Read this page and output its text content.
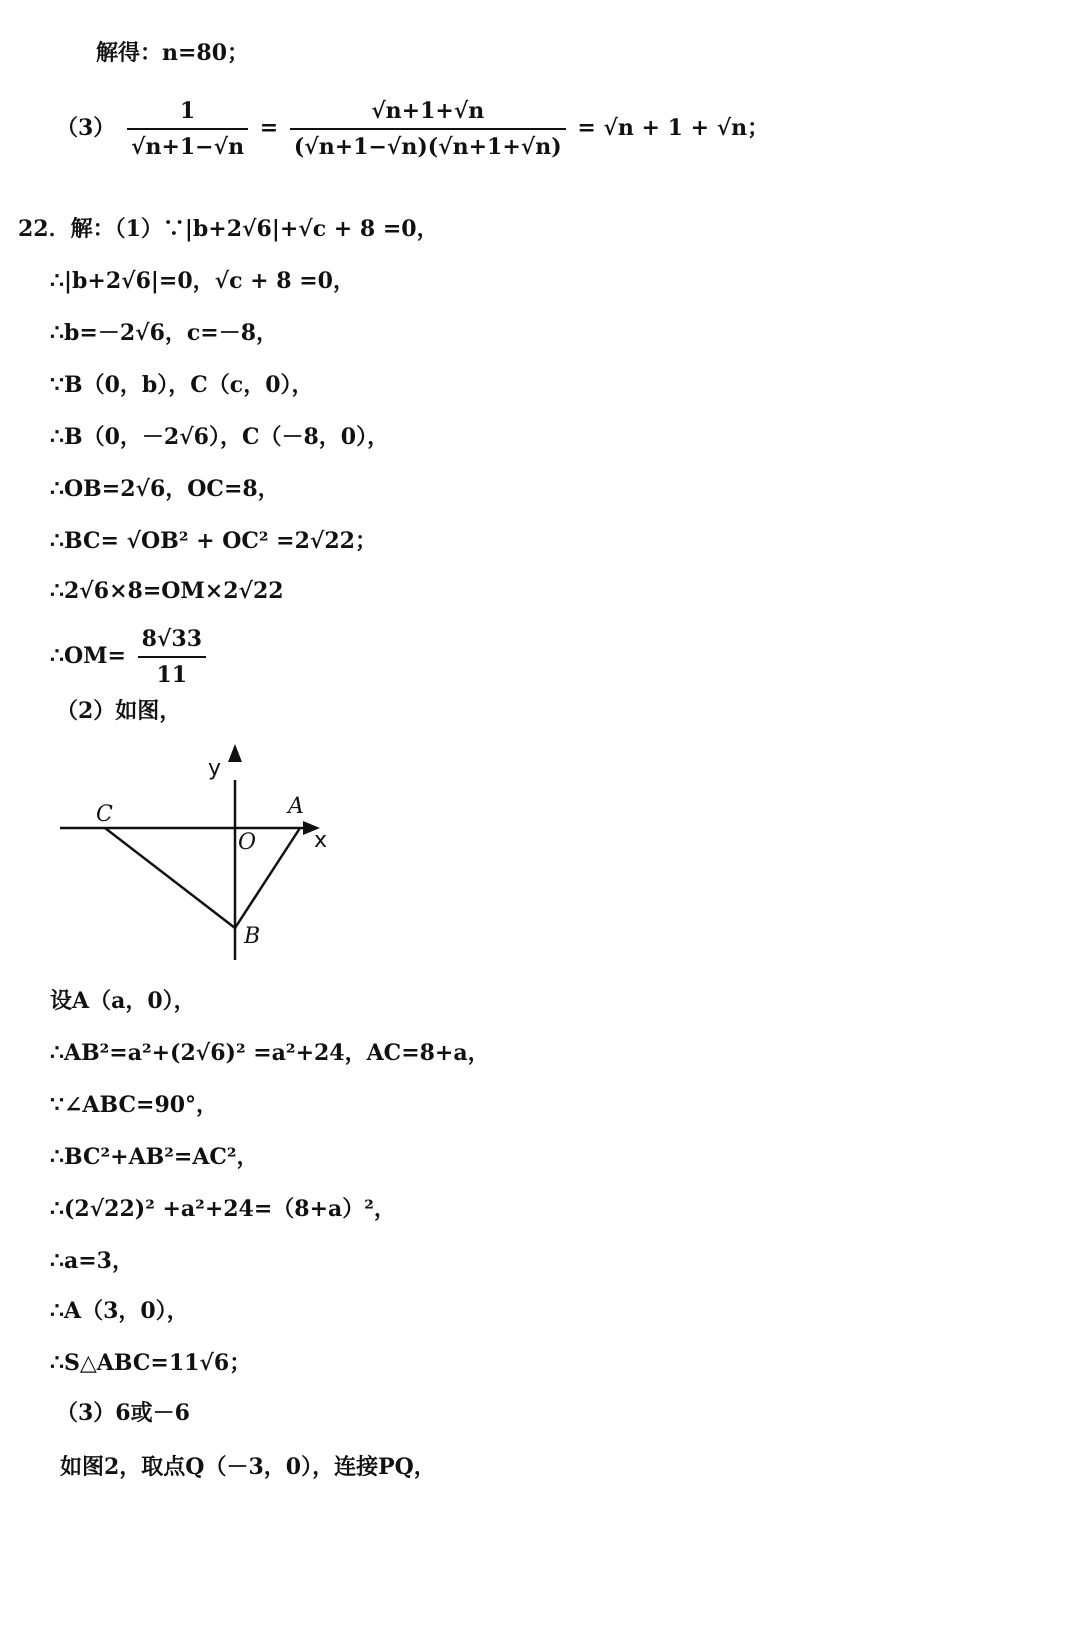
解得：n=80；
$(3) \frac{1}{√n+1-√n} = \frac{√n+1+√n}{(√n+1-√n)(√n+1+√n)} = √n + 1 + √n$；
22．解：（1）∵|b+2√6|+√c + 8 =0，
∴|b+2√6|=0，√c + 8 =0，
∴b=－2√6，c=－8，
∵B（0，b），C（c，0），
∴B（0，－2√6），C（－8，0），
∴OB=2√6，OC=8，
∴BC= √OB² + OC² =2√22；
∴2√6×8=OM×2√22
∴OM= $\frac{8√33}{11}$
（2）如图，
y
C	A
O	x
B
设A（a，0），
∴AB²=a²+(2√6)² =a²+24，AC=8+a，
∵∠ABC=90°，
∴BC²+AB²=AC²，
∴(2√22)² +a²+24=（8+a）²，
∴a=3，
∴A（3，0），
∴S△ABC=11√6；
（3）6或－6
如图2，取点Q（－3，0），连接PQ，
